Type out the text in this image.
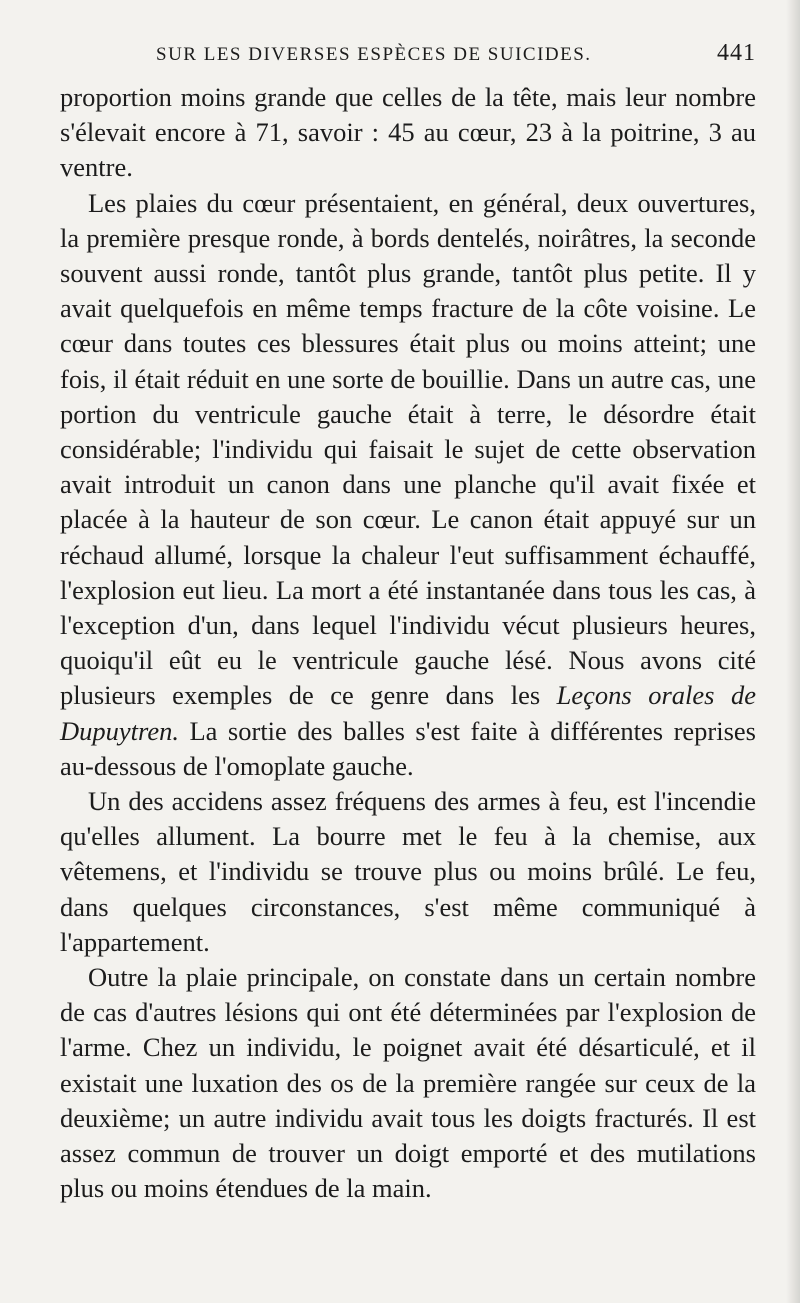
SUR LES DIVERSES ESPÈCES DE SUICIDES.	441

proportion moins grande que celles de la tête, mais leur nombre s'élevait encore à 71, savoir : 45 au cœur, 23 à la poitrine, 3 au ventre.

Les plaies du cœur présentaient, en général, deux ouvertures, la première presque ronde, à bords dentelés, noirâtres, la seconde souvent aussi ronde, tantôt plus grande, tantôt plus petite. Il y avait quelquefois en même temps fracture de la côte voisine. Le cœur dans toutes ces blessures était plus ou moins atteint; une fois, il était réduit en une sorte de bouillie. Dans un autre cas, une portion du ventricule gauche était à terre, le désordre était considérable; l'individu qui faisait le sujet de cette observation avait introduit un canon dans une planche qu'il avait fixée et placée à la hauteur de son cœur. Le canon était appuyé sur un réchaud allumé, lorsque la chaleur l'eut suffisamment échauffé, l'explosion eut lieu. La mort a été instantanée dans tous les cas, à l'exception d'un, dans lequel l'individu vécut plusieurs heures, quoiqu'il eût eu le ventricule gauche lésé. Nous avons cité plusieurs exemples de ce genre dans les Leçons orales de Dupuytren. La sortie des balles s'est faite à différentes reprises au-dessous de l'omoplate gauche.

Un des accidens assez fréquens des armes à feu, est l'incendie qu'elles allument. La bourre met le feu à la chemise, aux vêtemens, et l'individu se trouve plus ou moins brûlé. Le feu, dans quelques circonstances, s'est même communiqué à l'appartement.

Outre la plaie principale, on constate dans un certain nombre de cas d'autres lésions qui ont été déterminées par l'explosion de l'arme. Chez un individu, le poignet avait été désarticulé, et il existait une luxation des os de la première rangée sur ceux de la deuxième; un autre individu avait tous les doigts fracturés. Il est assez commun de trouver un doigt emporté et des mutilations plus ou moins étendues de la main.
